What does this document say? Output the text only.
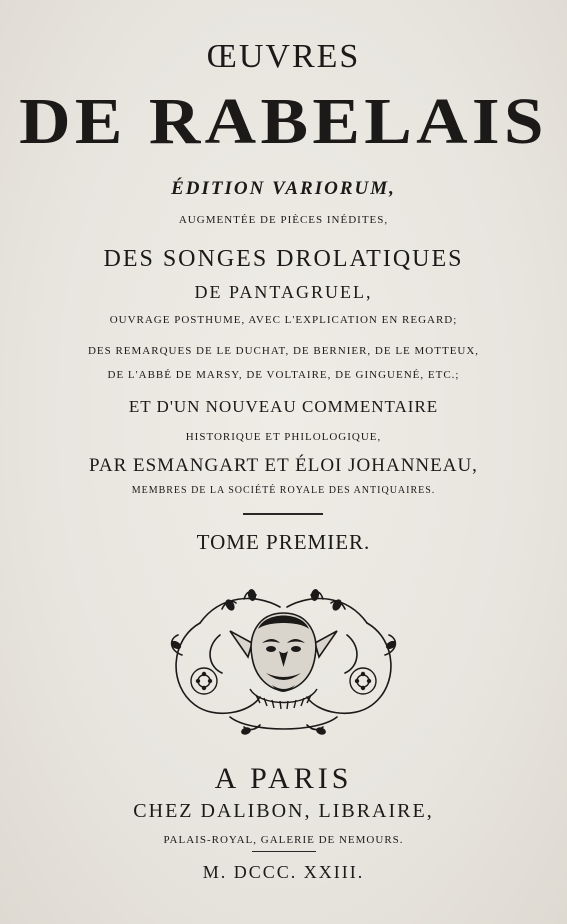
ŒUVRES
DE RABELAIS
ÉDITION VARIORUM,
AUGMENTÉE DE PIÈCES INÉDITES,
DES SONGES DROLATIQUES
DE PANTAGRUEL,
OUVRAGE POSTHUME, AVEC L'EXPLICATION EN REGARD;
DES REMARQUES DE LE DUCHAT, DE BERNIER, DE LE MOTTEUX,
DE L'ABBÉ DE MARSY, DE VOLTAIRE, DE GINGUENÉ, ETC.;
ET D'UN NOUVEAU COMMENTAIRE
HISTORIQUE ET PHILOLOGIQUE,
PAR ESMANGART ET ÉLOI JOHANNEAU,
MEMBRES DE LA SOCIÉTÉ ROYALE DES ANTIQUAIRES.
TOME PREMIER.
A PARIS
CHEZ DALIBON, LIBRAIRE,
PALAIS-ROYAL, GALERIE DE NEMOURS.
M. DCCC. XXIII.
